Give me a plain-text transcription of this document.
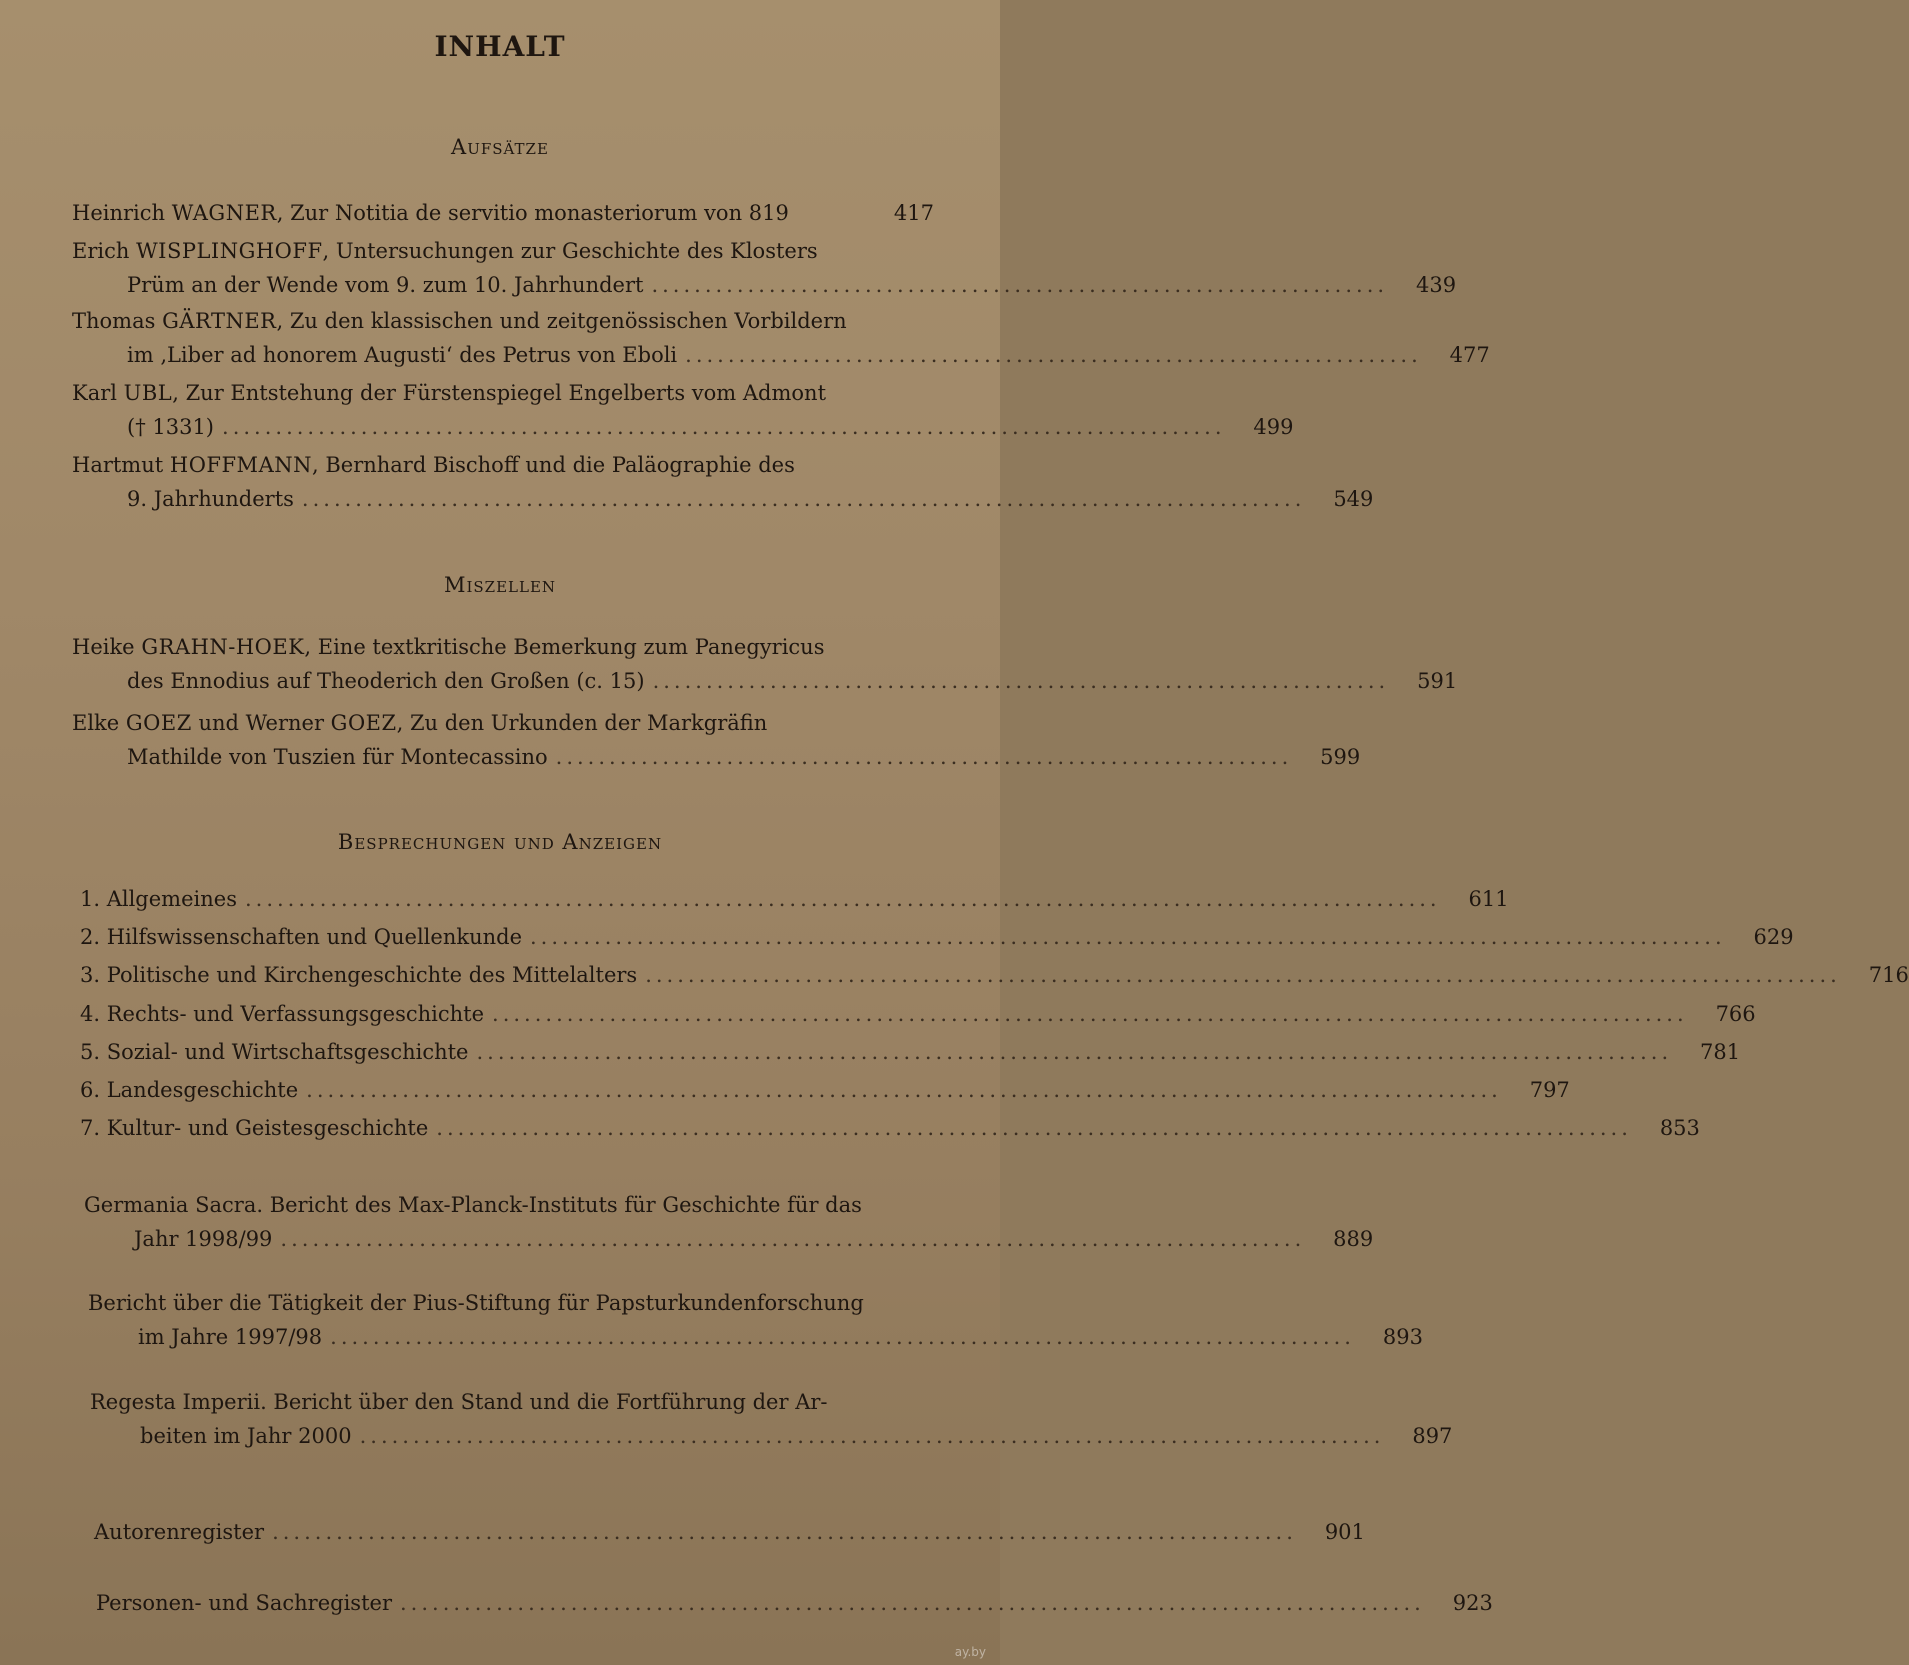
INHALT
Aufsätze
Heinrich WAGNER, Zur Notitia de servitio monasteriorum von 819	417
Erich WISPLINGHOFF, Untersuchungen zur Geschichte des Klosters
Prüm an der Wende vom 9. zum 10. Jahrhundert .....................................................................	439
Thomas GÄRTNER, Zu den klassischen und zeitgenössischen Vorbildern
im ‚Liber ad honorem Augusti‘ des Petrus von Eboli .....................................................................	477
Karl UBL, Zur Entstehung der Fürstenspiegel Engelberts vom Admont
(† 1331) ..............................................................................................	499
Hartmut HOFFMANN, Bernhard Bischoff und die Paläographie des
9. Jahrhunderts ..............................................................................................	549
Miszellen
Heike GRAHN-HOEK, Eine textkritische Bemerkung zum Panegyricus
des Ennodius auf Theoderich den Großen (c. 15) .....................................................................	591
Elke GOEZ und Werner GOEZ, Zu den Urkunden der Markgräfin
Mathilde von Tuszien für Montecassino .....................................................................	599
Besprechungen und Anzeigen
1. Allgemeines ................................................................................................................	611
2. Hilfswissenschaften und Quellenkunde ................................................................................................................	629
3. Politische und Kirchengeschichte des Mittelalters ................................................................................................................	716
4. Rechts- und Verfassungsgeschichte ................................................................................................................	766
5. Sozial- und Wirtschaftsgeschichte ................................................................................................................	781
6. Landesgeschichte ................................................................................................................	797
7. Kultur- und Geistesgeschichte ................................................................................................................	853
Germania Sacra. Bericht des Max-Planck-Instituts für Geschichte für das
Jahr 1998/99 ................................................................................................	889
Bericht über die Tätigkeit der Pius-Stiftung für Papsturkundenforschung
im Jahre 1997/98 ................................................................................................	893
Regesta Imperii. Bericht über den Stand und die Fortführung der Ar-
beiten im Jahr 2000 ................................................................................................	897
Autorenregister ................................................................................................	901
Personen- und Sachregister ................................................................................................	923
ay.by
